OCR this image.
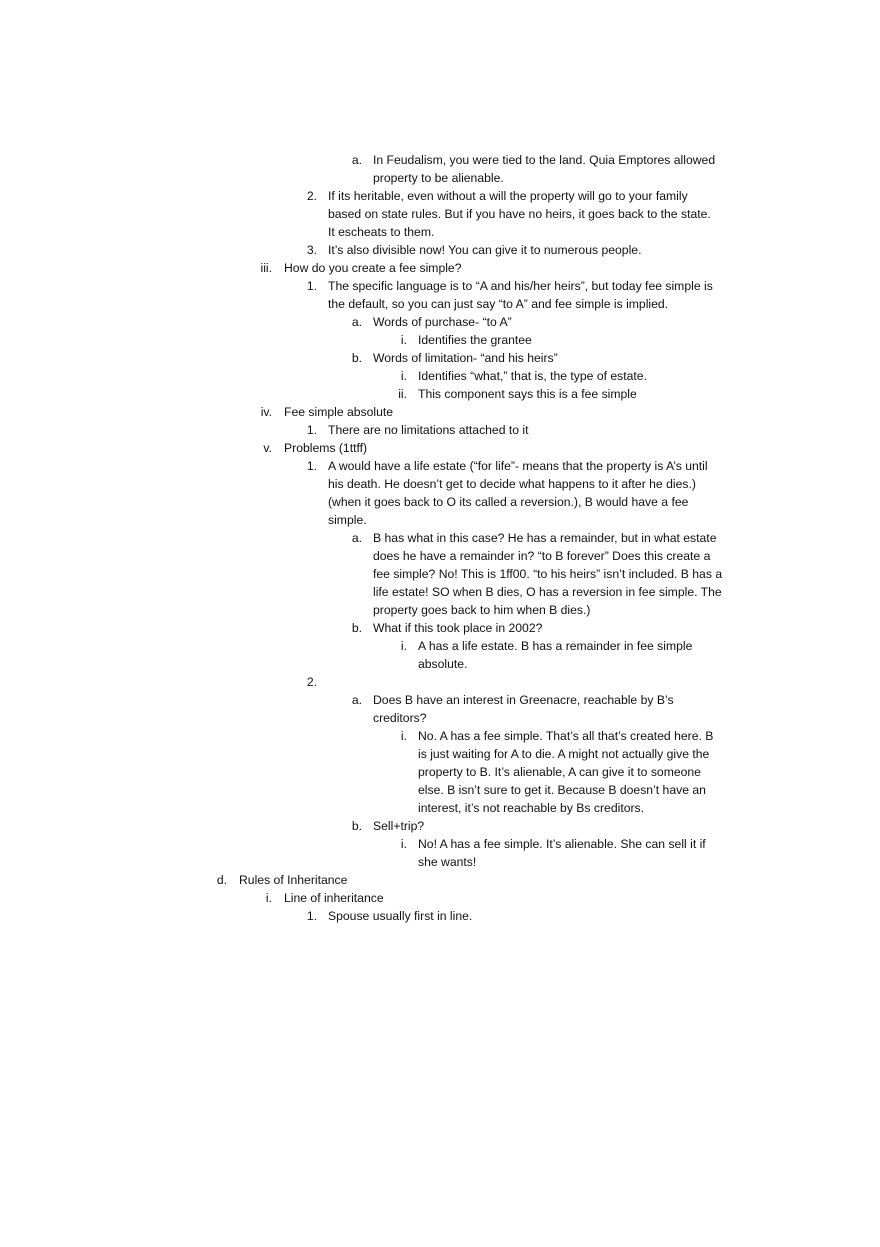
a. In Feudalism, you were tied to the land. Quia Emptores allowed
property to be alienable.
2. If its heritable, even without a will the property will go to your family
based on state rules. But if you have no heirs, it goes back to the state.
It escheats to them.
3. It’s also divisible now! You can give it to numerous people.
iii. How do you create a fee simple?
1. The specific language is to “A and his/her heirs”, but today fee simple is
the default, so you can just say “to A” and fee simple is implied.
a. Words of purchase- “to A”
i. Identifies the grantee
b. Words of limitation- “and his heirs”
i. Identifies “what,” that is, the type of estate.
ii. This component says this is a fee simple
iv. Fee simple absolute
1. There are no limitations attached to it
v. Problems (1ttff)
1. A would have a life estate (“for life”- means that the property is A’s until
his death. He doesn’t get to decide what happens to it after he dies.)
(when it goes back to O its called a reversion.), B would have a fee
simple.
a. B has what in this case? He has a remainder, but in what estate
does he have a remainder in? “to B forever” Does this create a
fee simple? No! This is 1ff00. “to his heirs” isn’t included. B has a
life estate! SO when B dies, O has a reversion in fee simple. The
property goes back to him when B dies.)
b. What if this took place in 2002?
i. A has a life estate. B has a remainder in fee simple
absolute.
2.
a. Does B have an interest in Greenacre, reachable by B’s
creditors?
i. No. A has a fee simple. That’s all that’s created here. B
is just waiting for A to die. A might not actually give the
property to B. It’s alienable, A can give it to someone
else. B isn’t sure to get it. Because B doesn’t have an
interest, it’s not reachable by Bs creditors.
b. Sell+trip?
i. No! A has a fee simple. It’s alienable. She can sell it if
she wants!
d. Rules of Inheritance
i. Line of inheritance
1. Spouse usually first in line.
